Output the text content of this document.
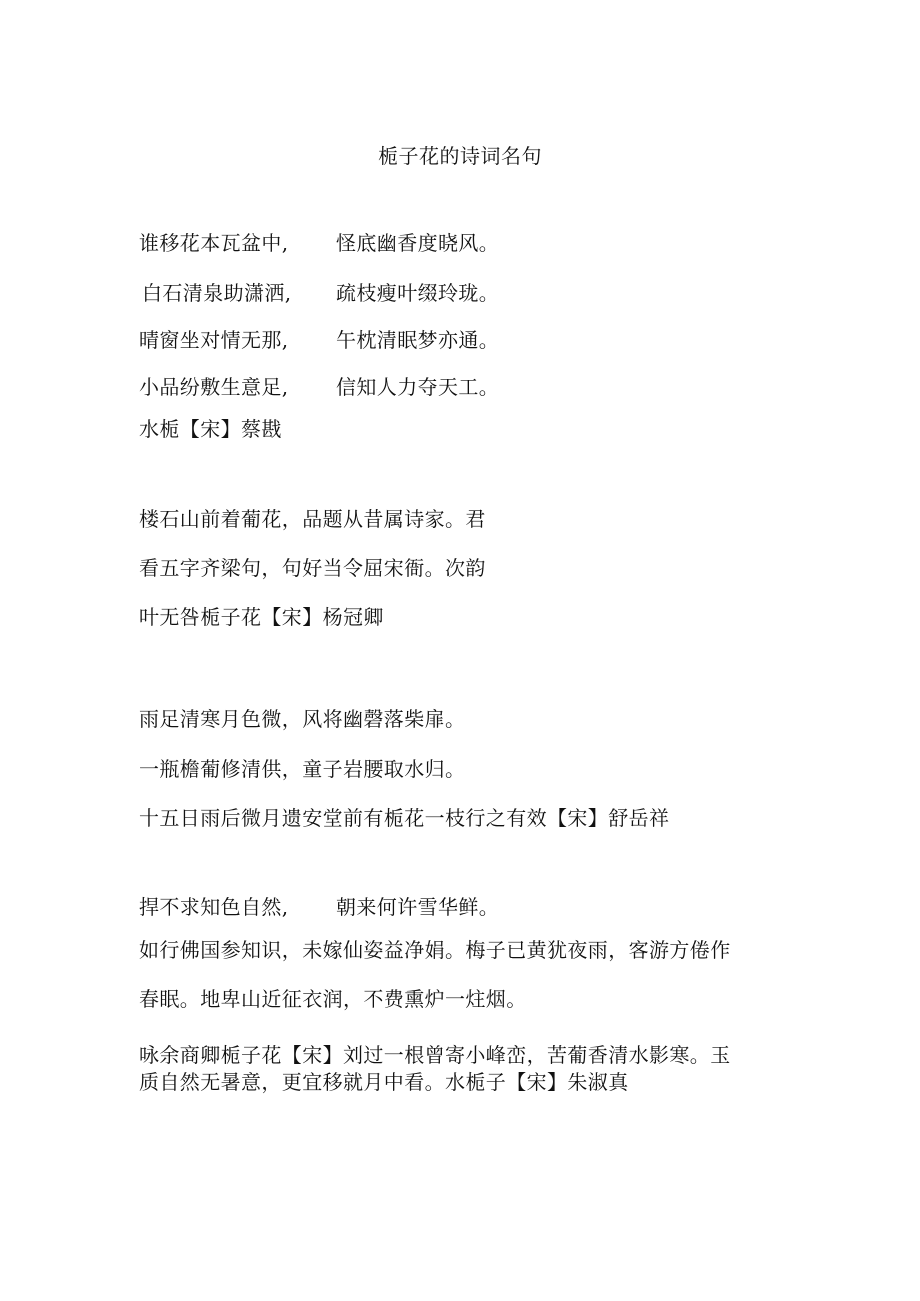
栀子花的诗词名句
谁移花本瓦盆中, 怪底幽香度晓风。
白石清泉助潇洒, 疏枝瘦叶缀玲珑。
晴窗坐对情无那, 午枕清眠梦亦通。
小品纷敷生意足, 信知人力夺天工。
水栀【宋】蔡戡
楼石山前着葡花，品题从昔属诗家。君
看五字齐梁句，句好当令屈宋衙。次韵
叶无咎栀子花【宋】杨冠卿
雨足清寒月色微，风将幽磬落柴扉。
一瓶檐葡修清供，童子岩腰取水归。
十五日雨后微月遗安堂前有栀花一枝行之有效【宋】舒岳祥
捍不求知色自然, 朝来何许雪华鲜。
如行佛国参知识，未嫁仙姿益净娟。梅子已黄犹夜雨，客游方倦作
春眠。地卑山近征衣润，不费熏炉一炷烟。
咏余商卿栀子花【宋】刘过一根曾寄小峰峦，苦葡香清水影寒。玉
质自然无暑意，更宜移就月中看。水栀子【宋】朱淑真
